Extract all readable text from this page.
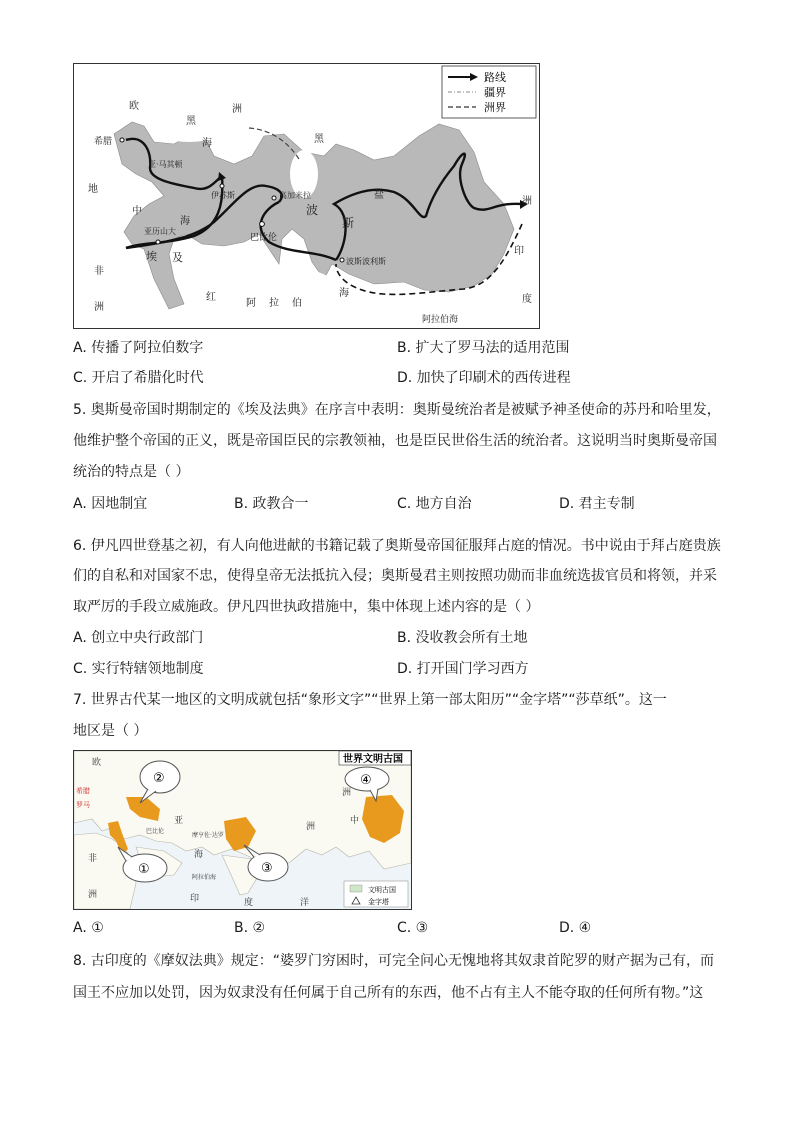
路线
疆界
洲界
欧	洲
黑
海	黑
希腊
亚·马其顿
伊苏斯	高加米拉
巴比伦
波斯波利斯
亚历山大
埃 及
波
斯
盐
洲
印
度
阿 拉 伯
非
洲
地
中
海
红
阿拉伯海
海
A. 传播了阿拉伯数字	B. 扩大了罗马法的适用范围
C. 开启了希腊化时代	D. 加快了印刷术的西传进程
5. 奥斯曼帝国时期制定的《埃及法典》在序言中表明：奥斯曼统治者是被赋予神圣使命的苏丹和哈里发，
他维护整个帝国的正义，既是帝国臣民的宗教领袖，也是臣民世俗生活的统治者。这说明当时奥斯曼帝国
统治的特点是（ ）
A. 因地制宜	B. 政教合一	C. 地方自治	D. 君主专制
6. 伊凡四世登基之初，有人向他进献的书籍记载了奥斯曼帝国征服拜占庭的情况。书中说由于拜占庭贵族
们的自私和对国家不忠，使得皇帝无法抵抗入侵；奥斯曼君主则按照功勋而非血统选拔官员和将领，并采
取严厉的手段立威施政。伊凡四世执政措施中，集中体现上述内容的是（ ）
A. 创立中央行政部门	B. 没收教会所有土地
C. 实行特辖领地制度	D. 打开国门学习西方
7. 世界古代某一地区的文明成就包括“象形文字”“世界上第一部太阳历”“金字塔”“莎草纸”。这一
地区是（ ）
①
②
③
④
世界文明古国
文明古国
金字塔
欧
希腊
罗马
亚
洲
中
非
洲	印	度	洋
巴比伦
摩亨佐·达罗
阿拉伯海
洲
海
A. ①	B. ②	C. ③	D. ④
8. 古印度的《摩奴法典》规定：“婆罗门穷困时，可完全问心无愧地将其奴隶首陀罗的财产据为己有，而
国王不应加以处罚，因为奴隶没有任何属于自己所有的东西，他不占有主人不能夺取的任何所有物。”这
